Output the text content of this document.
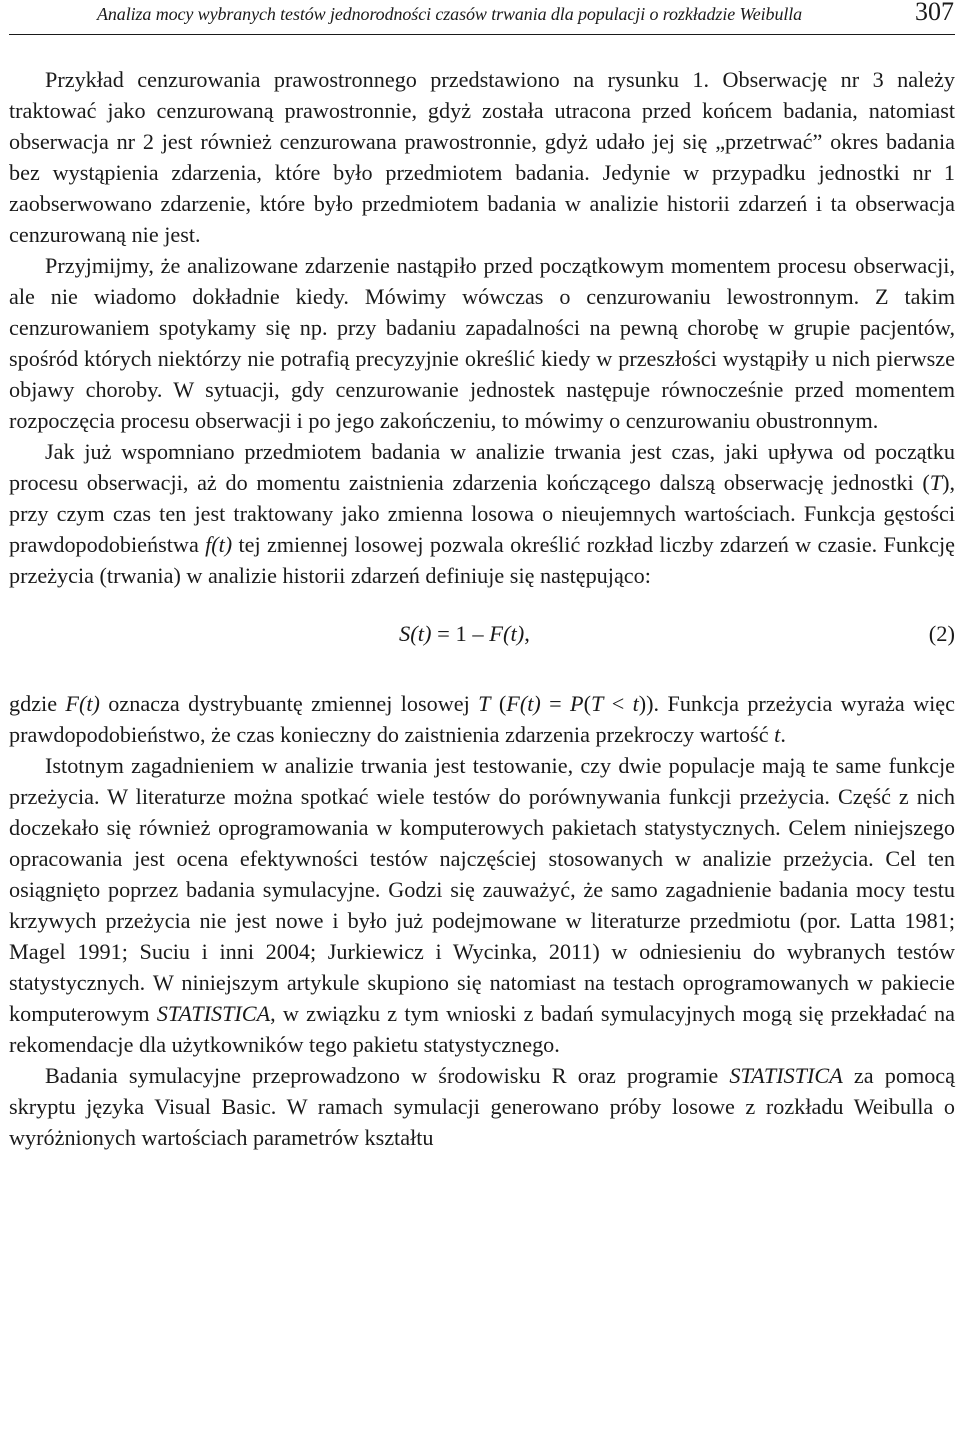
Analiza mocy wybranych testów jednorodności czasów trwania dla populacji o rozkładzie Weibulla	307

Przykład cenzurowania prawostronnego przedstawiono na rysunku 1. Obserwację nr 3 należy traktować jako cenzurowaną prawostronnie, gdyż została utracona przed końcem badania, natomiast obserwacja nr 2 jest również cenzurowana prawostronnie, gdyż udało jej się „przetrwać” okres badania bez wystąpienia zdarzenia, które było przedmiotem badania. Jedynie w przypadku jednostki nr 1 zaobserwowano zdarzenie, które było przedmiotem badania w analizie historii zdarzeń i ta obserwacja cenzurowaną nie jest.

Przyjmijmy, że analizowane zdarzenie nastąpiło przed początkowym momentem procesu obserwacji, ale nie wiadomo dokładnie kiedy. Mówimy wówczas o cenzurowaniu lewostronnym. Z takim cenzurowaniem spotykamy się np. przy badaniu zapadalności na pewną chorobę w grupie pacjentów, spośród których niektórzy nie potrafią precyzyjnie określić kiedy w przeszłości wystąpiły u nich pierwsze objawy choroby. W sytuacji, gdy cenzurowanie jednostek następuje równocześnie przed momentem rozpoczęcia procesu obserwacji i po jego zakończeniu, to mówimy o cenzurowaniu obustronnym.

Jak już wspomniano przedmiotem badania w analizie trwania jest czas, jaki upływa od początku procesu obserwacji, aż do momentu zaistnienia zdarzenia kończącego dalszą obserwację jednostki (T), przy czym czas ten jest traktowany jako zmienna losowa o nieujemnych wartościach. Funkcja gęstości prawdopodobieństwa f(t) tej zmiennej losowej pozwala określić rozkład liczby zdarzeń w czasie. Funkcję przeżycia (trwania) w analizie historii zdarzeń definiuje się następująco:

S(t) = 1 – F(t),	(2)

gdzie F(t) oznacza dystrybuantę zmiennej losowej T (F(t) = P(T < t)). Funkcja przeżycia wyraża więc prawdopodobieństwo, że czas konieczny do zaistnienia zdarzenia przekroczy wartość t.

Istotnym zagadnieniem w analizie trwania jest testowanie, czy dwie populacje mają te same funkcje przeżycia. W literaturze można spotkać wiele testów do porównywania funkcji przeżycia. Część z nich doczekało się również oprogramowania w komputerowych pakietach statystycznych. Celem niniejszego opracowania jest ocena efektywności testów najczęściej stosowanych w analizie przeżycia. Cel ten osiągnięto poprzez badania symulacyjne. Godzi się zauważyć, że samo zagadnienie badania mocy testu krzywych przeżycia nie jest nowe i było już podejmowane w literaturze przedmiotu (por. Latta 1981; Magel 1991; Suciu i inni 2004; Jurkiewicz i Wycinka, 2011) w odniesieniu do wybranych testów statystycznych. W niniejszym artykule skupiono się natomiast na testach oprogramowanych w pakiecie komputerowym STATISTICA, w związku z tym wnioski z badań symulacyjnych mogą się przekładać na rekomendacje dla użytkowników tego pakietu statystycznego.

Badania symulacyjne przeprowadzono w środowisku R oraz programie STATISTICA za pomocą skryptu języka Visual Basic. W ramach symulacji generowano próby losowe z rozkładu Weibulla o wyróżnionych wartościach parametrów kształtu
